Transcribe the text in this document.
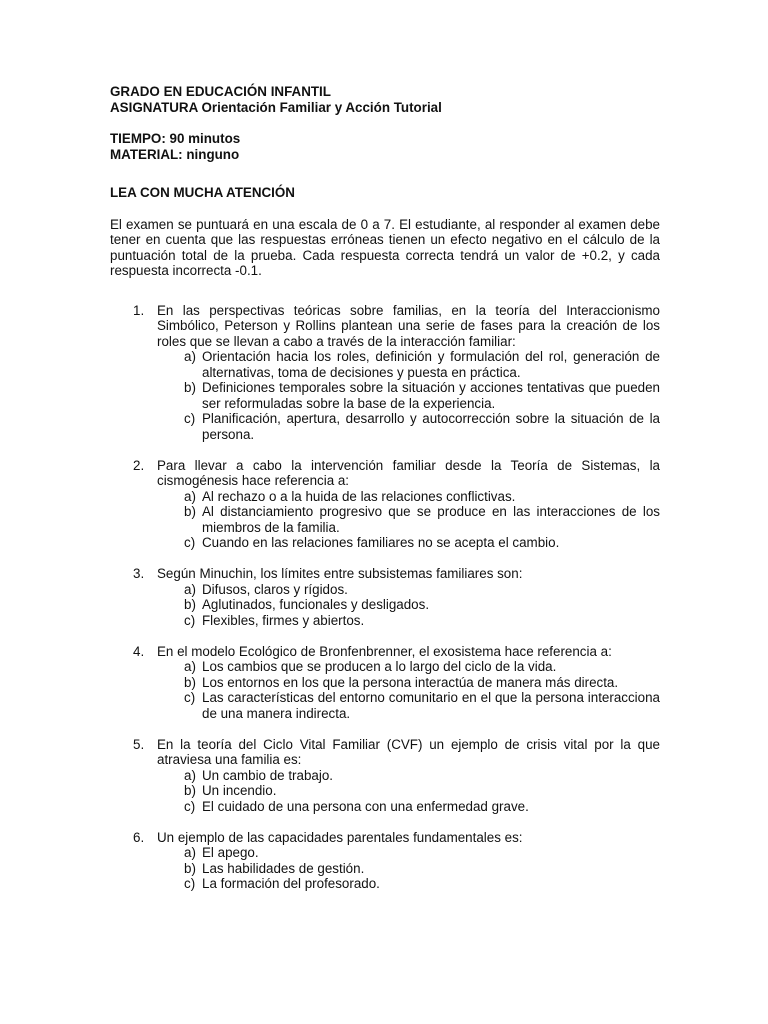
GRADO EN EDUCACIÓN INFANTIL
ASIGNATURA Orientación Familiar y Acción Tutorial
TIEMPO: 90 minutos
MATERIAL: ninguno
LEA CON MUCHA ATENCIÓN

El examen se puntuará en una escala de 0 a 7. El estudiante, al responder al examen debe tener en cuenta que las respuestas erróneas tienen un efecto negativo en el cálculo de la puntuación total de la prueba. Cada respuesta correcta tendrá un valor de +0.2, y cada respuesta incorrecta -0.1.

1. En las perspectivas teóricas sobre familias, en la teoría del Interaccionismo Simbólico, Peterson y Rollins plantean una serie de fases para la creación de los roles que se llevan a cabo a través de la interacción familiar:
a) Orientación hacia los roles, definición y formulación del rol, generación de alternativas, toma de decisiones y puesta en práctica.
b) Definiciones temporales sobre la situación y acciones tentativas que pueden ser reformuladas sobre la base de la experiencia.
c) Planificación, apertura, desarrollo y autocorrección sobre la situación de la persona.
2. Para llevar a cabo la intervención familiar desde la Teoría de Sistemas, la cismogénesis hace referencia a:
a) Al rechazo o a la huida de las relaciones conflictivas.
b) Al distanciamiento progresivo que se produce en las interacciones de los miembros de la familia.
c) Cuando en las relaciones familiares no se acepta el cambio.
3. Según Minuchin, los límites entre subsistemas familiares son:
a) Difusos, claros y rígidos.
b) Aglutinados, funcionales y desligados.
c) Flexibles, firmes y abiertos.
4. En el modelo Ecológico de Bronfenbrenner, el exosistema hace referencia a:
a) Los cambios que se producen a lo largo del ciclo de la vida.
b) Los entornos en los que la persona interactúa de manera más directa.
c) Las características del entorno comunitario en el que la persona interacciona de una manera indirecta.
5. En la teoría del Ciclo Vital Familiar (CVF) un ejemplo de crisis vital por la que atraviesa una familia es:
a) Un cambio de trabajo.
b) Un incendio.
c) El cuidado de una persona con una enfermedad grave.
6. Un ejemplo de las capacidades parentales fundamentales es:
a) El apego.
b) Las habilidades de gestión.
c) La formación del profesorado.
